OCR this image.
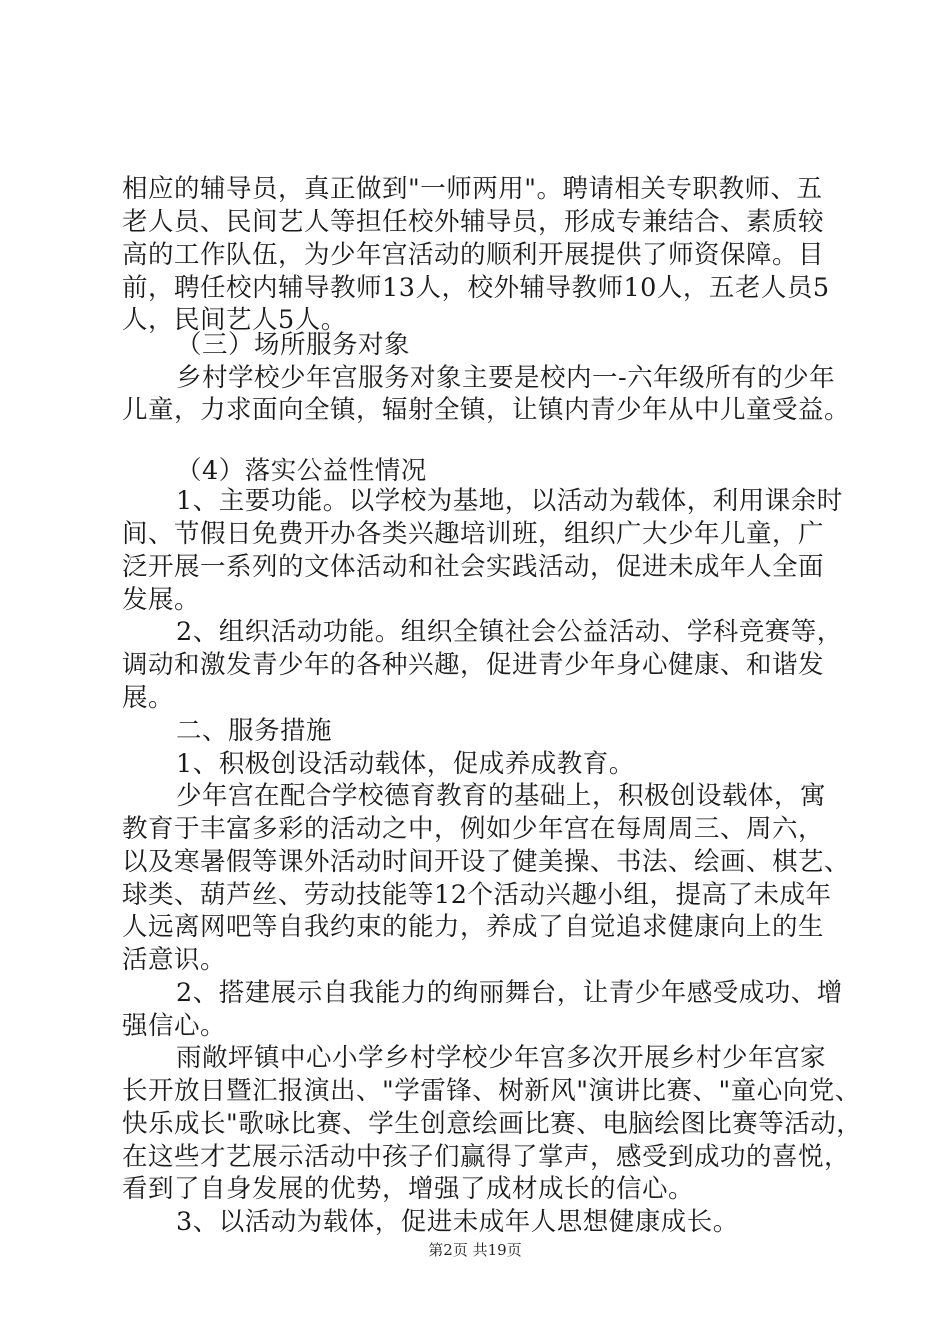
相应的辅导员，真正做到"一师两用"。聘请相关专职教师、五
老人员、民间艺人等担任校外辅导员，形成专兼结合、素质较
高的工作队伍，为少年宫活动的顺利开展提供了师资保障。目
前，聘任校内辅导教师13人，校外辅导教师10人，五老人员5
人，民间艺人5人。
（三）场所服务对象
乡村学校少年宫服务对象主要是校内一-六年级所有的少年
儿童，力求面向全镇，辐射全镇，让镇内青少年从中儿童受益。
（4）落实公益性情况
1、主要功能。以学校为基地，以活动为载体，利用课余时
间、节假日免费开办各类兴趣培训班，组织广大少年儿童，广
泛开展一系列的文体活动和社会实践活动，促进未成年人全面
发展。
2、组织活动功能。组织全镇社会公益活动、学科竞赛等，
调动和激发青少年的各种兴趣，促进青少年身心健康、和谐发
展。
二、服务措施
1、积极创设活动载体，促成养成教育。
少年宫在配合学校德育教育的基础上，积极创设载体，寓
教育于丰富多彩的活动之中，例如少年宫在每周周三、周六，
以及寒暑假等课外活动时间开设了健美操、书法、绘画、棋艺、
球类、葫芦丝、劳动技能等12个活动兴趣小组，提高了未成年
人远离网吧等自我约束的能力，养成了自觉追求健康向上的生
活意识。
2、搭建展示自我能力的绚丽舞台，让青少年感受成功、增
强信心。
雨敞坪镇中心小学乡村学校少年宫多次开展乡村少年宫家
长开放日暨汇报演出、"学雷锋、树新风"演讲比赛、"童心向党、
快乐成长"歌咏比赛、学生创意绘画比赛、电脑绘图比赛等活动，
在这些才艺展示活动中孩子们赢得了掌声，感受到成功的喜悦，
看到了自身发展的优势，增强了成材成长的信心。
3、以活动为载体，促进未成年人思想健康成长。
第2页 共19页
